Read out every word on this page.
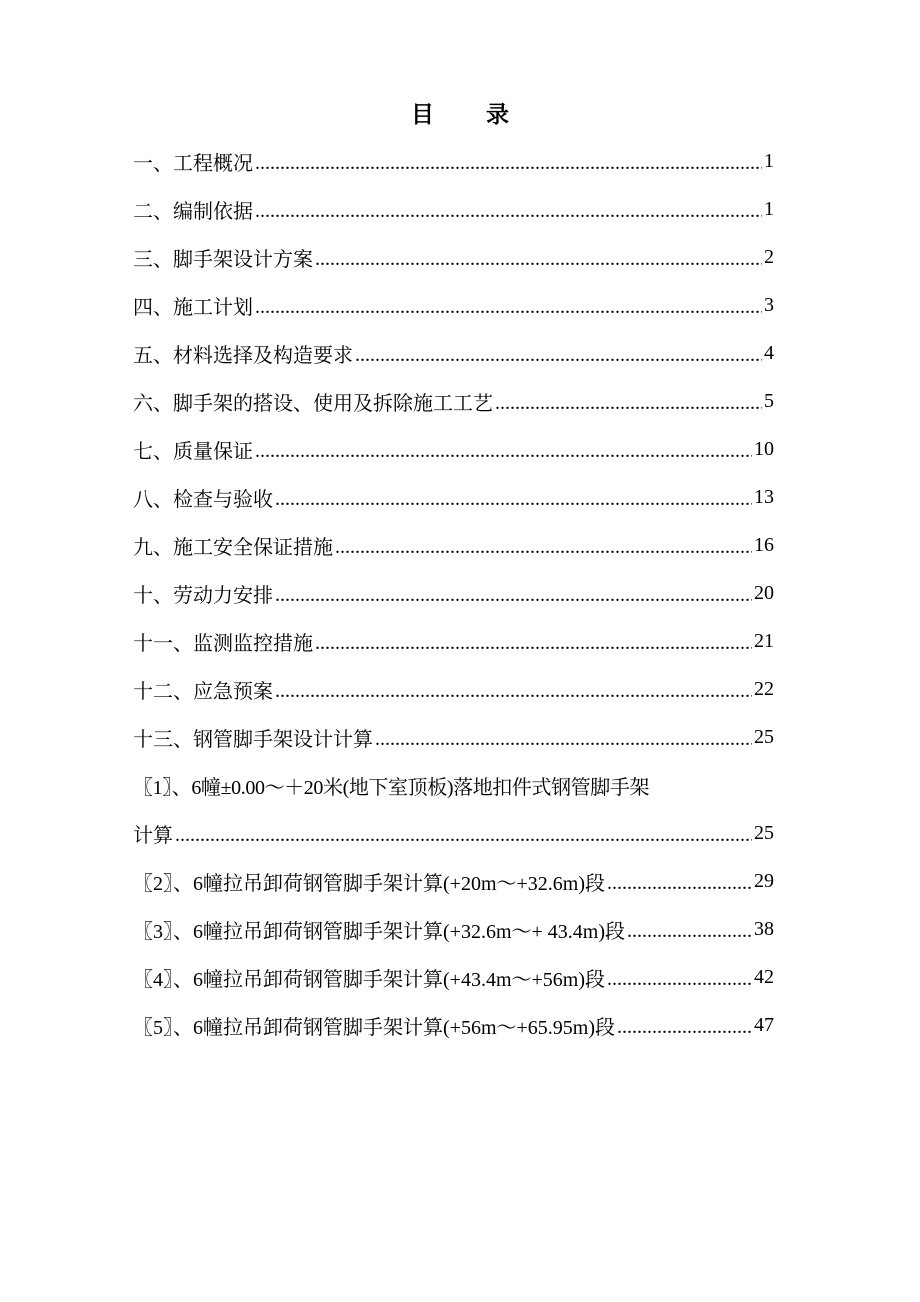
目 录
一、工程概况 .....	1
二、编制依据 .....	1
三、脚手架设计方案 .....	2
四、施工计划 .....	3
五、材料选择及构造要求 .....	4
六、脚手架的搭设、使用及拆除施工工艺 .....	5
七、质量保证 .....	10
八、检查与验收 .....	13
九、施工安全保证措施 .....	16
十、劳动力安排 .....	20
十一、监测监控措施 .....	21
十二、应急预案 .....	22
十三、钢管脚手架设计计算 .....	25
〖1〗、6幢±0.00～＋20米(地下室顶板)落地扣件式钢管脚手架
计算 .....	25
〖2〗、6幢拉吊卸荷钢管脚手架计算(+20m～+32.6m)段 .....	29
〖3〗、6幢拉吊卸荷钢管脚手架计算(+32.6m～+ 43.4m)段 .....	38
〖4〗、6幢拉吊卸荷钢管脚手架计算(+43.4m～+56m)段 .....	42
〖5〗、6幢拉吊卸荷钢管脚手架计算(+56m～+65.95m)段 .....	47
